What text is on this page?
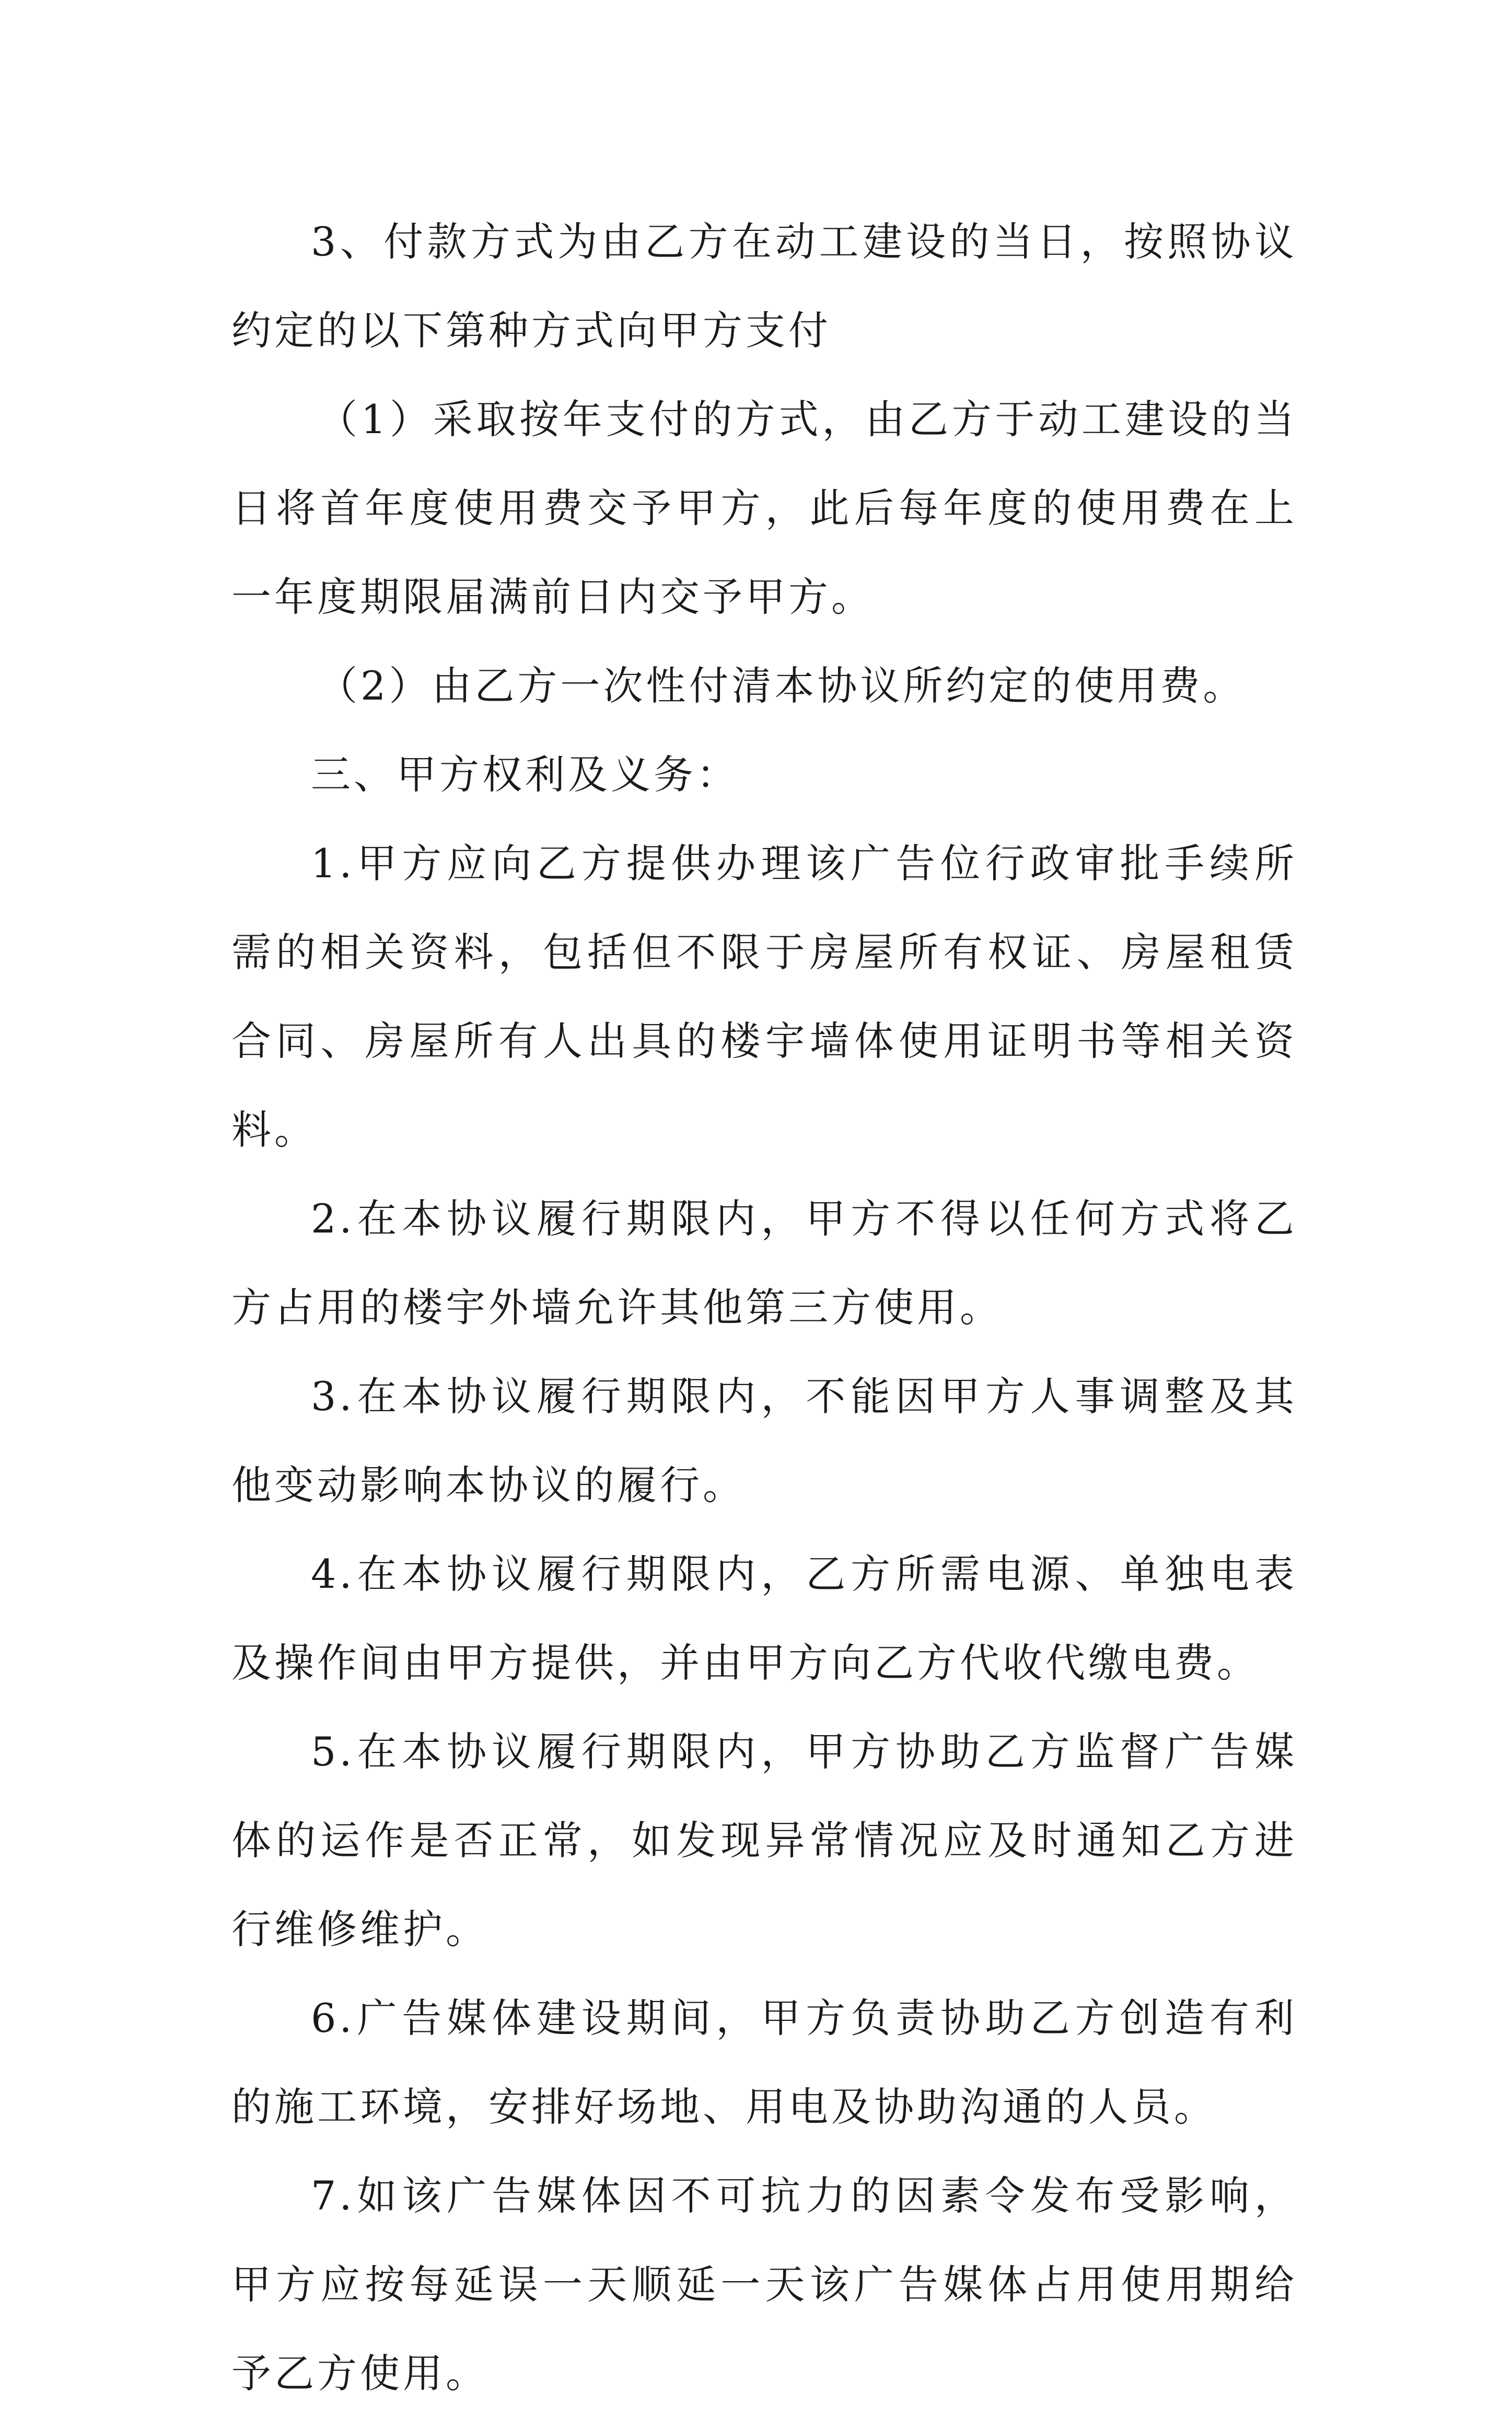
3、付款方式为由乙方在动工建设的当日，按照协议约定的以下第种方式向甲方支付

（1）采取按年支付的方式，由乙方于动工建设的当日将首年度使用费交予甲方，此后每年度的使用费在上一年度期限届满前日内交予甲方。

（2）由乙方一次性付清本协议所约定的使用费。

三、甲方权利及义务：

1.甲方应向乙方提供办理该广告位行政审批手续所需的相关资料，包括但不限于房屋所有权证、房屋租赁合同、房屋所有人出具的楼宇墙体使用证明书等相关资料。

2.在本协议履行期限内，甲方不得以任何方式将乙方占用的楼宇外墙允许其他第三方使用。

3.在本协议履行期限内，不能因甲方人事调整及其他变动影响本协议的履行。

4.在本协议履行期限内，乙方所需电源、单独电表及操作间由甲方提供，并由甲方向乙方代收代缴电费。

5.在本协议履行期限内，甲方协助乙方监督广告媒体的运作是否正常，如发现异常情况应及时通知乙方进行维修维护。

6.广告媒体建设期间，甲方负责协助乙方创造有利的施工环境，安排好场地、用电及协助沟通的人员。

7.如该广告媒体因不可抗力的因素令发布受影响，甲方应按每延误一天顺延一天该广告媒体占用使用期给予乙方使用。
